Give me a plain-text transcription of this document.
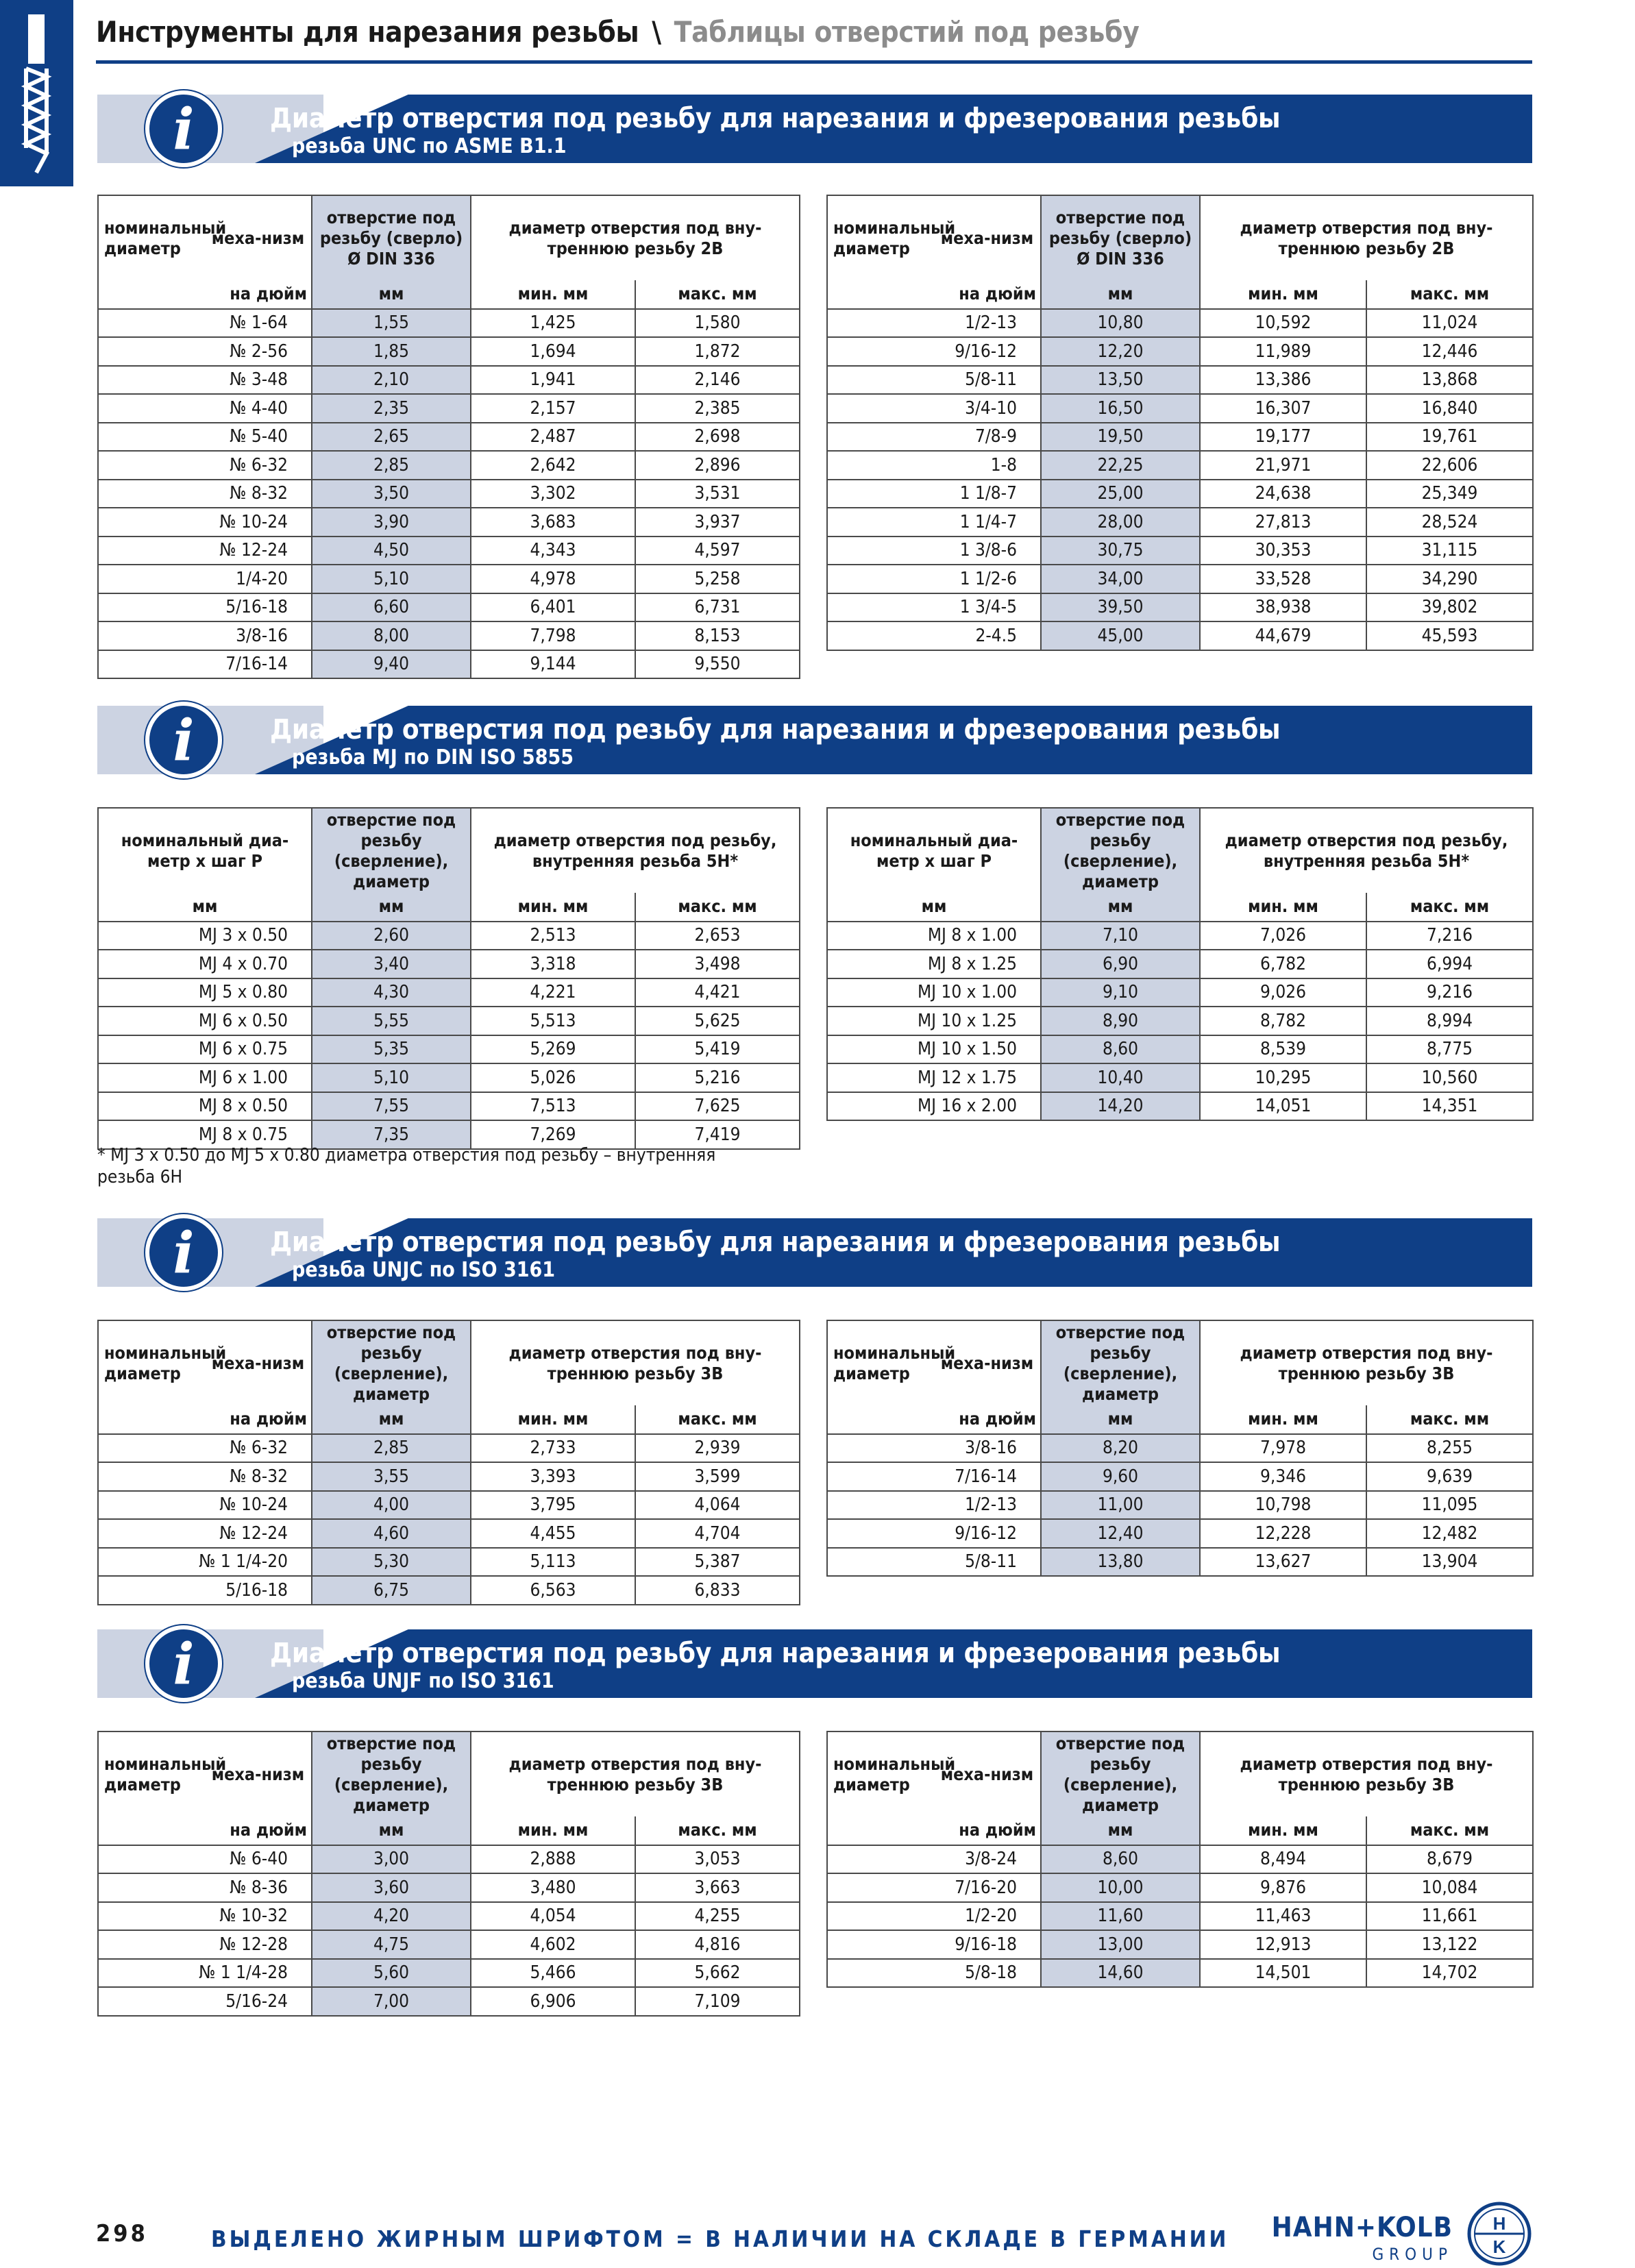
Инструменты для нарезания резьбы \ Таблицы отверстий под резьбу
i	Диаметр отверстия под резьбу для нарезания и фрезерования резьбы
резьба UNC по ASME B1.1
номинальный диаметр	меха-низм	отверстие под резьбу (сверло) Ø DIN 336	диаметр отверстия под вну-треннюю резьбу 2B	
	на дюйм	мм	мин. мм	макс. мм
№ 1-64		1,55	1,425	1,580
№ 2-56		1,85	1,694	1,872
№ 3-48		2,10	1,941	2,146
№ 4-40		2,35	2,157	2,385
№ 5-40		2,65	2,487	2,698
№ 6-32		2,85	2,642	2,896
№ 8-32		3,50	3,302	3,531
№ 10-24		3,90	3,683	3,937
№ 12-24		4,50	4,343	4,597
1/4-20		5,10	4,978	5,258
5/16-18		6,60	6,401	6,731
3/8-16		8,00	7,798	8,153
7/16-14		9,40	9,144	9,550
номинальный диаметр	меха-низм	отверстие под резьбу (сверло) Ø DIN 336	диаметр отверстия под вну-треннюю резьбу 2B	
	на дюйм	мм	мин. мм	макс. мм
1/2-13		10,80	10,592	11,024
9/16-12		12,20	11,989	12,446
5/8-11		13,50	13,386	13,868
3/4-10		16,50	16,307	16,840
7/8-9		19,50	19,177	19,761
1-8		22,25	21,971	22,606
1 1/8-7		25,00	24,638	25,349
1 1/4-7		28,00	27,813	28,524
1 3/8-6		30,75	30,353	31,115
1 1/2-6		34,00	33,528	34,290
1 3/4-5		39,50	38,938	39,802
2-4.5		45,00	44,679	45,593
i	Диаметр отверстия под резьбу для нарезания и фрезерования резьбы
резьба MJ по DIN ISO 5855
номинальный диа-метр x шаг P	отверстие под резьбу (сверление), диаметр	диаметр отверстия под резьбу, внутренняя резьба 5H*	
мм	мм	мин. мм	макс. мм
MJ 3 x 0.50	2,60	2,513	2,653
MJ 4 x 0.70	3,40	3,318	3,498
MJ 5 x 0.80	4,30	4,221	4,421
MJ 6 x 0.50	5,55	5,513	5,625
MJ 6 x 0.75	5,35	5,269	5,419
MJ 6 x 1.00	5,10	5,026	5,216
MJ 8 x 0.50	7,55	7,513	7,625
MJ 8 x 0.75	7,35	7,269	7,419
номинальный диа-метр x шаг P	отверстие под резьбу (сверление), диаметр	диаметр отверстия под резьбу, внутренняя резьба 5H*	
мм	мм	мин. мм	макс. мм
MJ 8 x 1.00	7,10	7,026	7,216
MJ 8 x 1.25	6,90	6,782	6,994
MJ 10 x 1.00	9,10	9,026	9,216
MJ 10 x 1.25	8,90	8,782	8,994
MJ 10 x 1.50	8,60	8,539	8,775
MJ 12 x 1.75	10,40	10,295	10,560
MJ 16 x 2.00	14,20	14,051	14,351
* MJ 3 x 0.50 до MJ 5 x 0.80 диаметра отверстия под резьбу – внутренняя резьба 6H
i	Диаметр отверстия под резьбу для нарезания и фрезерования резьбы
резьба UNJC по ISO 3161
номинальный диаметр	меха-низм	отверстие под резьбу (сверление), диаметр	диаметр отверстия под вну-треннюю резьбу 3B	
	на дюйм	мм	мин. мм	макс. мм
№ 6-32		2,85	2,733	2,939
№ 8-32		3,55	3,393	3,599
№ 10-24		4,00	3,795	4,064
№ 12-24		4,60	4,455	4,704
№ 1 1/4-20		5,30	5,113	5,387
5/16-18		6,75	6,563	6,833
номинальный диаметр	меха-низм	отверстие под резьбу (сверление), диаметр	диаметр отверстия под вну-треннюю резьбу 3B	
	на дюйм	мм	мин. мм	макс. мм
3/8-16		8,20	7,978	8,255
7/16-14		9,60	9,346	9,639
1/2-13		11,00	10,798	11,095
9/16-12		12,40	12,228	12,482
5/8-11		13,80	13,627	13,904
i	Диаметр отверстия под резьбу для нарезания и фрезерования резьбы
резьба UNJF по ISO 3161
номинальный диаметр	меха-низм	отверстие под резьбу (сверление), диаметр	диаметр отверстия под вну-треннюю резьбу 3B	
	на дюйм	мм	мин. мм	макс. мм
№ 6-40		3,00	2,888	3,053
№ 8-36		3,60	3,480	3,663
№ 10-32		4,20	4,054	4,255
№ 12-28		4,75	4,602	4,816
№ 1 1/4-28		5,60	5,466	5,662
5/16-24		7,00	6,906	7,109
номинальный диаметр	меха-низм	отверстие под резьбу (сверление), диаметр	диаметр отверстия под вну-треннюю резьбу 3B	
	на дюйм	мм	мин. мм	макс. мм
3/8-24		8,60	8,494	8,679
7/16-20		10,00	9,876	10,084
1/2-20		11,60	11,463	11,661
9/16-18		13,00	12,913	13,122
5/8-18		14,60	14,501	14,702
298	ВЫДЕЛЕНО ЖИРНЫМ ШРИФТОМ = В НАЛИЧИИ НА СКЛАДЕ В ГЕРМАНИИ	HAHN+KOLB
GROUP
H
K
